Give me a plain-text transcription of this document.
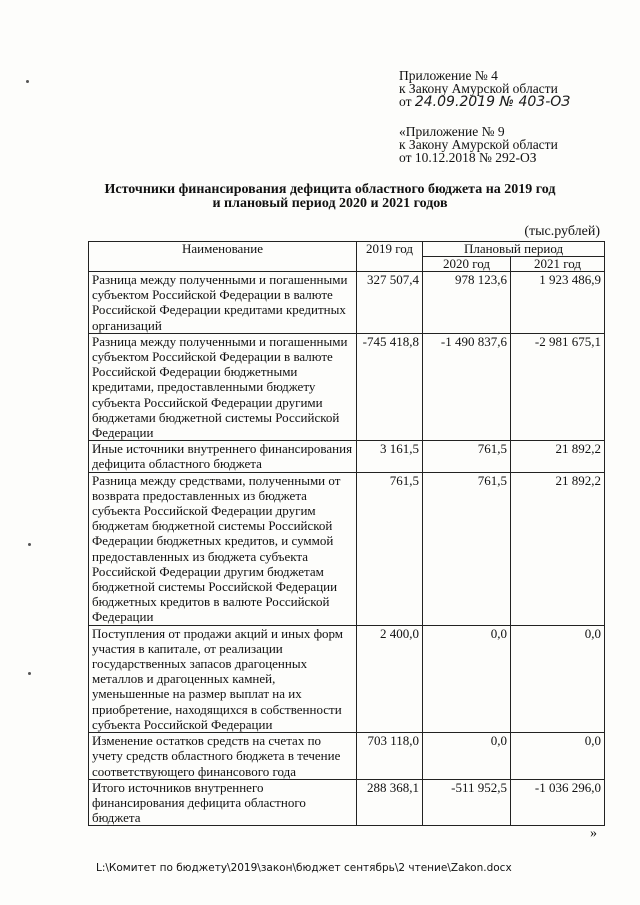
Приложение № 4
к Закону Амурской области
от 24.09.2019 № 403-ОЗ
«Приложение № 9
к Закону Амурской области
от 10.12.2018 № 292-ОЗ
Источники финансирования дефицита областного бюджета на 2019 год
и плановый период 2020 и 2021 годов
(тыс.рублей)
Наименование	2019 год	Плановый период	
		2020 год	2021 год
Разница между полученными и погашенными субъектом Российской Федерации в валюте Российской Федерации кредитами кредитных организаций	327 507,4	978 123,6	1 923 486,9
Разница между полученными и погашенными субъектом Российской Федерации в валюте Российской Федерации бюджетными кредитами, предоставленными бюджету субъекта Российской Федерации другими бюджетами бюджетной системы Российской Федерации	-745 418,8	-1 490 837,6	-2 981 675,1
Иные источники внутреннего финансирования дефицита областного бюджета	3 161,5	761,5	21 892,2
Разница между средствами, полученными от возврата предоставленных из бюджета субъекта Российской Федерации другим бюджетам бюджетной системы Российской Федерации бюджетных кредитов, и суммой предоставленных из бюджета субъекта Российской Федерации другим бюджетам бюджетной системы Российской Федерации бюджетных кредитов в валюте Российской Федерации	761,5	761,5	21 892,2
Поступления от продажи акций и иных форм участия в капитале, от реализации государственных запасов драгоценных металлов и драгоценных камней, уменьшенные на размер выплат на их приобретение, находящихся в собственности субъекта Российской Федерации	2 400,0	0,0	0,0
Изменение остатков средств на счетах по учету средств областного бюджета в течение соответствующего финансового года	703 118,0	0,0	0,0
Итого источников внутреннего финансирования дефицита областного бюджета	288 368,1	-511 952,5	-1 036 296,0
»
L:\Комитет по бюджету\2019\закон\бюджет сентябрь\2 чтение\Zakon.docx
